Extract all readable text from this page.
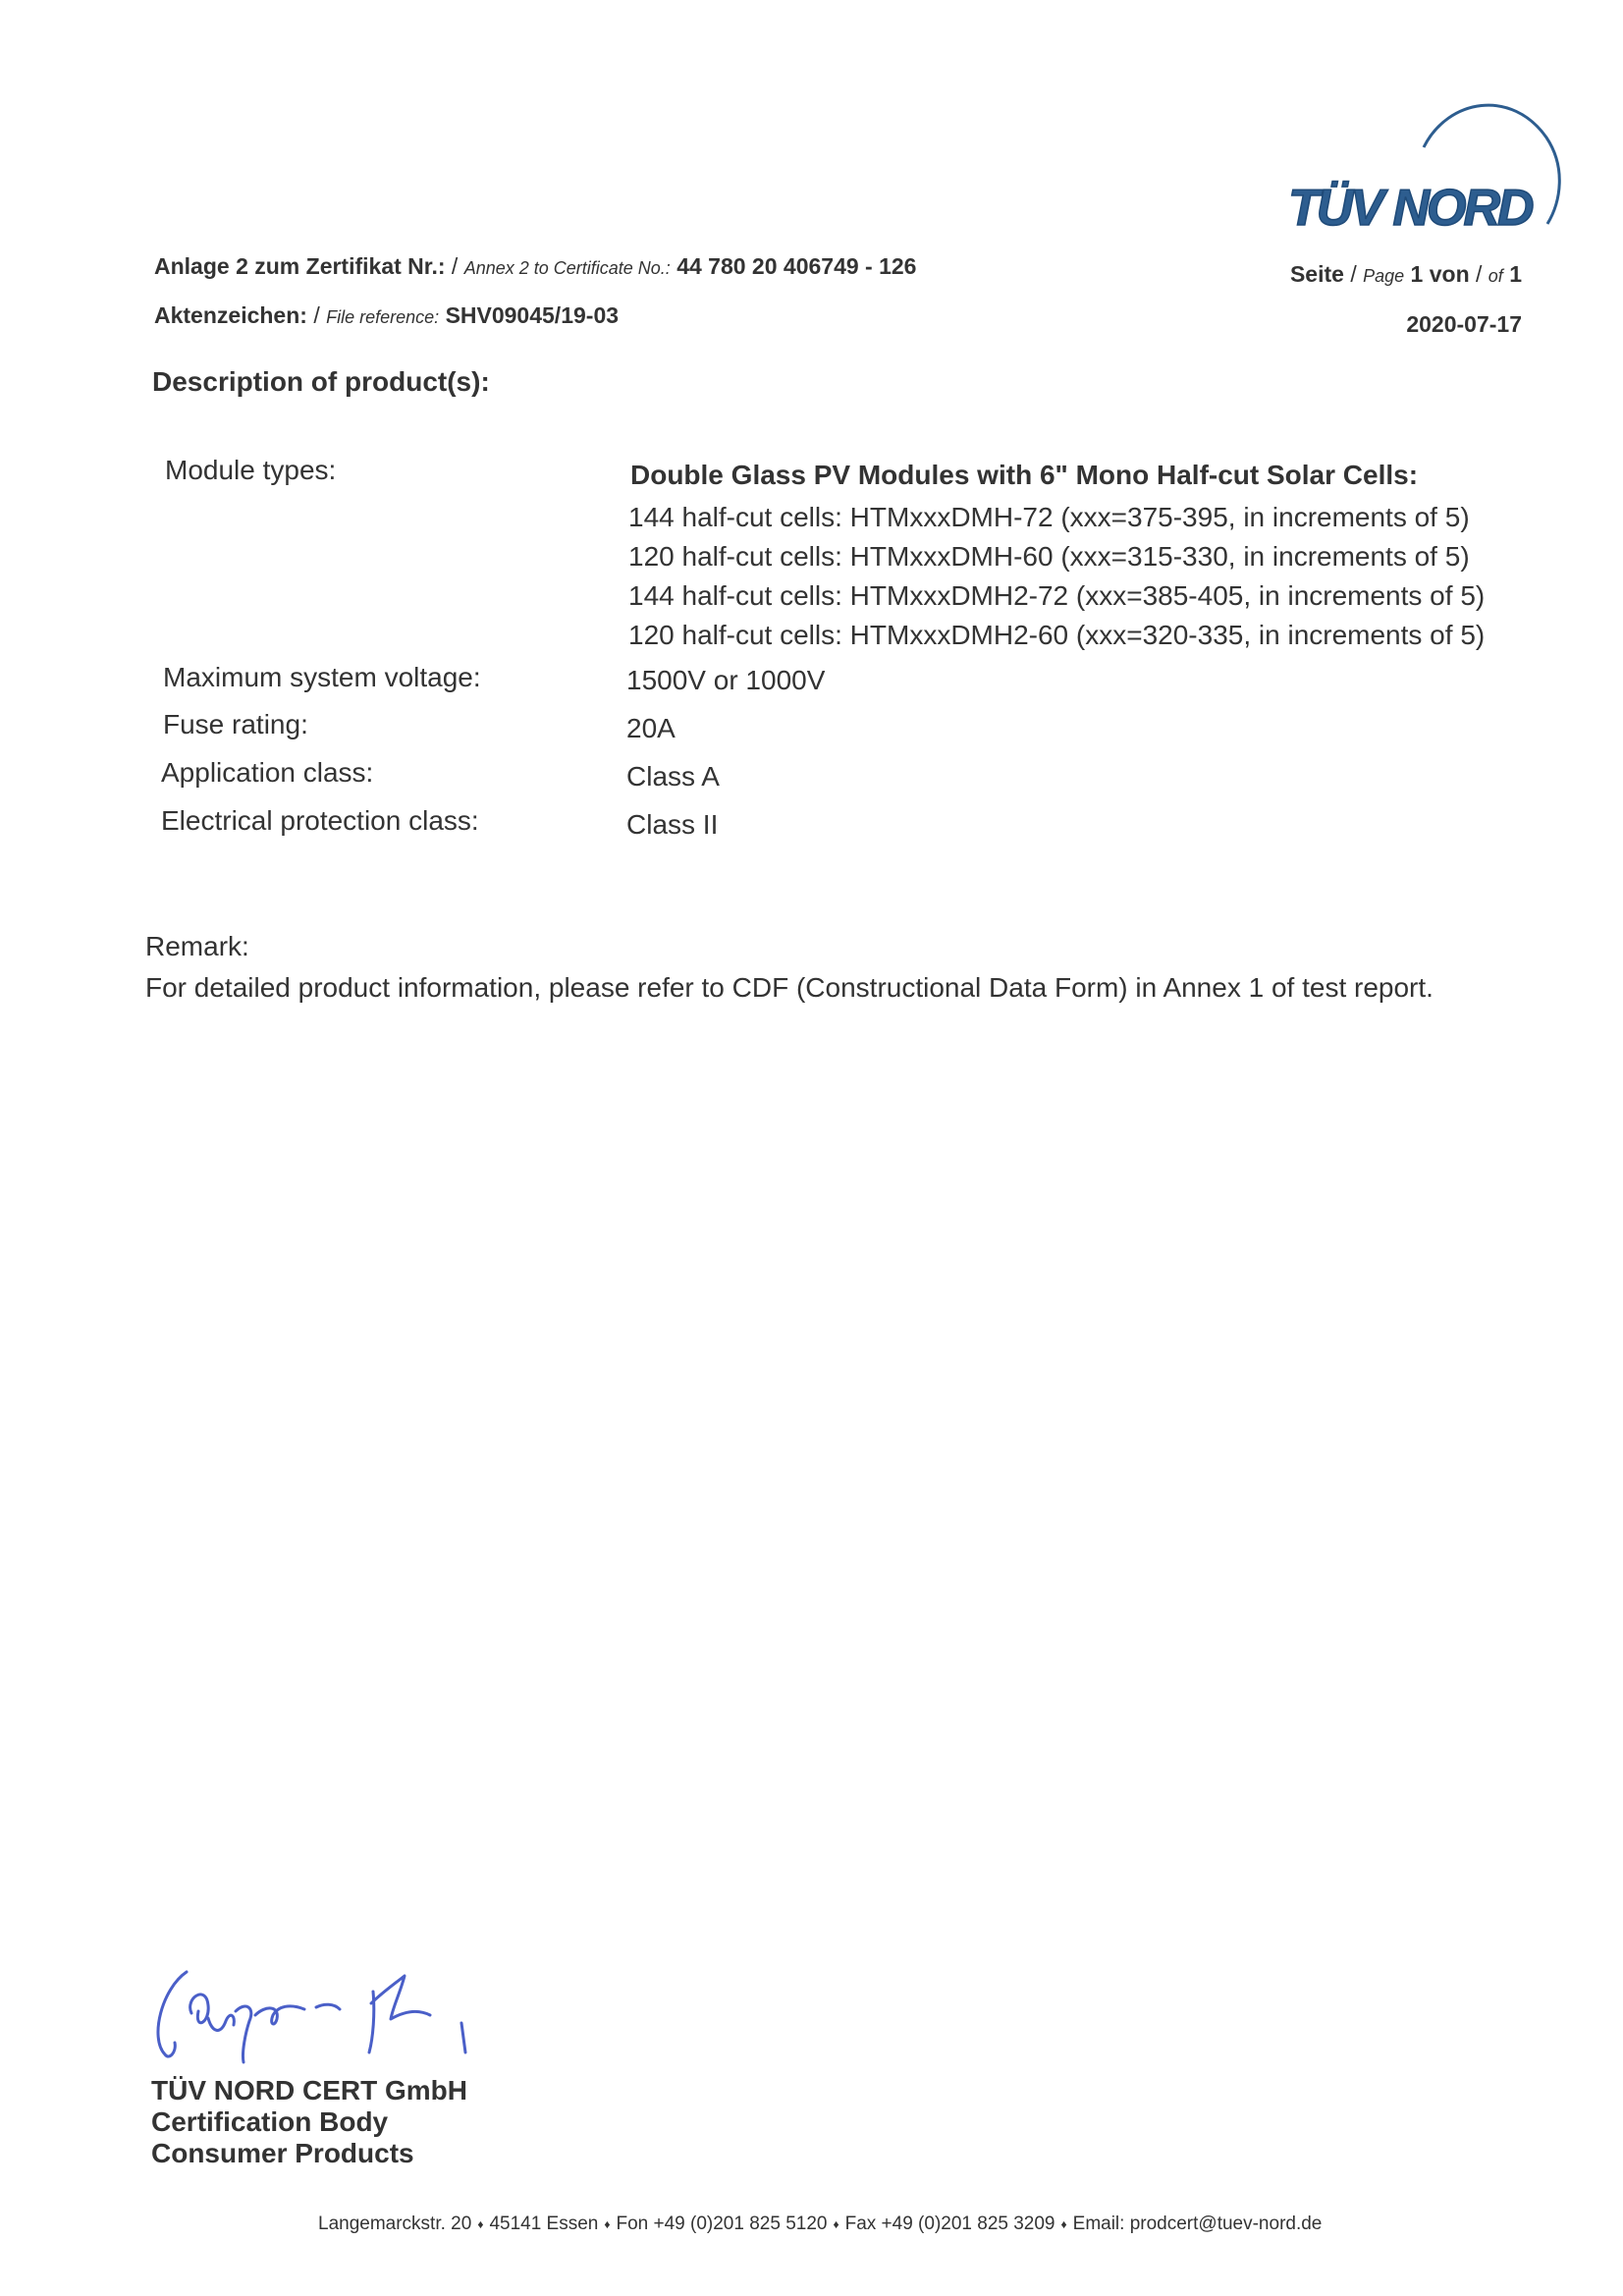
TÜV NORD
Anlage 2 zum Zertifikat Nr.: / Annex 2 to Certificate No.: 44 780 20 406749 - 126
Aktenzeichen: / File reference: SHV09045/19-03
Seite / Page 1 von / of 1
2020-07-17
Description of product(s):
Module types:	Double Glass PV Modules with 6" Mono Half-cut Solar Cells:
144 half-cut cells: HTMxxxDMH-72 (xxx=375-395, in increments of 5)
120 half-cut cells: HTMxxxDMH-60 (xxx=315-330, in increments of 5)
144 half-cut cells: HTMxxxDMH2-72 (xxx=385-405, in increments of 5)
120 half-cut cells: HTMxxxDMH2-60 (xxx=320-335, in increments of 5)
Maximum system voltage:	1500V or 1000V
Fuse rating:	20A
Application class:	Class A
Electrical protection class:	Class II
Remark:
For detailed product information, please refer to CDF (Constructional Data Form) in Annex 1 of test report.
TÜV NORD CERT GmbH
Certification Body
Consumer Products
Langemarckstr. 20 ♦ 45141 Essen ♦ Fon +49 (0)201 825 5120 ♦ Fax +49 (0)201 825 3209 ♦ Email: prodcert@tuev-nord.de
